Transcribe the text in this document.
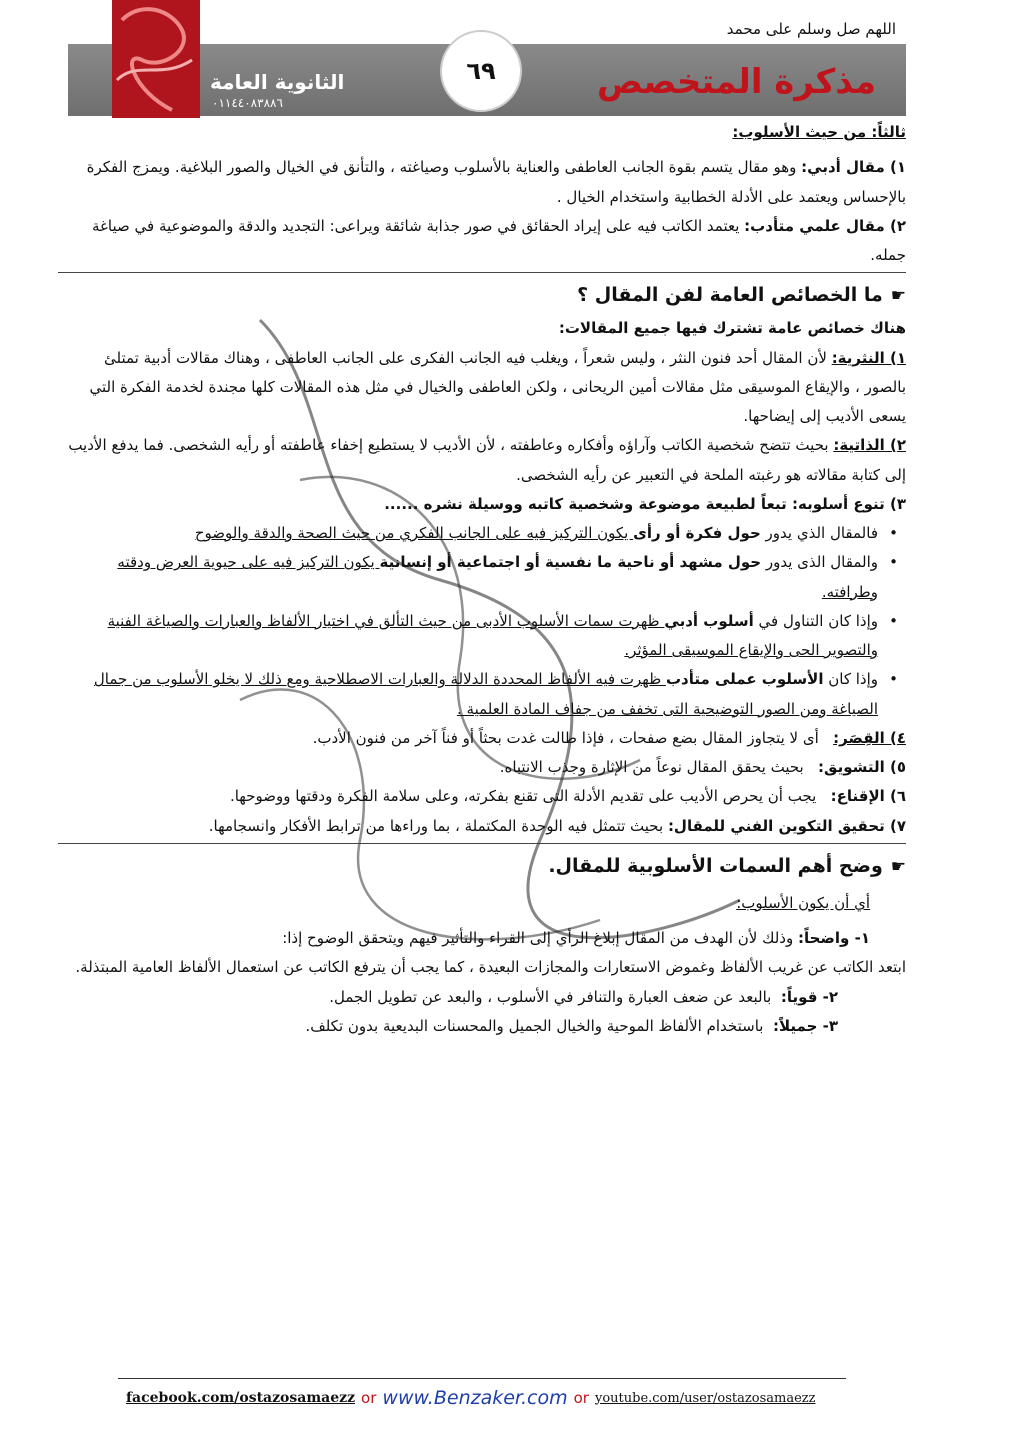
اللهم صل وسلم على محمد
مذكرة المتخصص
الثانوية العامة
٠١١٤٤٠٨٣٨٨٦
٦٩

ثالثاً: من حيث الأسلوب:

١) مقال أدبي: وهو مقال يتسم بقوة الجانب العاطفى والعناية بالأسلوب وصياغته ، والتأنق في الخيال والصور البلاغية. ويمزج الفكرة بالإحساس ويعتمد على الأدلة الخطابية واستخدام الخيال .

٢) مقال علمي متأدب: يعتمد الكاتب فيه على إيراد الحقائق في صور جذابة شائقة ويراعى: التجديد والدقة والموضوعية في صياغة جمله.

☛ما الخصائص العامة لفن المقال ؟

هناك خصائص عامة تشترك فيها جميع المقالات:

١) النثرية: لأن المقال أحد فنون النثر ، وليس شعراً ، ويغلب فيه الجانب الفكرى على الجانب العاطفى ، وهناك مقالات أدبية تمتلئ بالصور ، والإيقاع الموسيقى مثل مقالات أمين الريحانى ، ولكن العاطفى والخيال في مثل هذه المقالات كلها مجندة لخدمة الفكرة التي يسعى الأديب إلى إيضاحها.

٢) الذاتية: بحيث تتضح شخصية الكاتب وآراؤه وأفكاره وعاطفته ، لأن الأديب لا يستطيع إخفاء عاطفته أو رأيه الشخصى. فما يدفع الأديب إلى كتابة مقالاته هو رغبته الملحة في التعبير عن رأيه الشخصى.

٣) تنوع أسلوبه: تبعاً لطبيعة موضوعة وشخصية كاتبه ووسيلة نشره ......

• فالمقال الذي يدور حول فكرة أو رأى يكون التركيز فيه على الجانب الفكري من حيث الصحة والدقة والوضوح
• والمقال الذى يدور حول مشهد أو ناحية ما نفسية أو اجتماعية أو إنسانية يكون التركيز فيه على حيوية العرض ودقته وطرافته.
• وإذا كان التناول في أسلوب أدبي ظهرت سمات الأسلوب الأدبى من حيث التألق في اختيار الألفاظ والعبارات والصياغة الفنية والتصوير الحى والإيقاع الموسيقى المؤثر.
• وإذا كان الأسلوب عملى متأدب ظهرت فيه الألفاظ المحددة الدلالة والعبارات الاصطلاحية ومع ذلك لا يخلو الأسلوب من جمال الصياغة ومن الصور التوضيحية التى تخفف من جفاف المادة العلمية .

٤) القِصَر:   أى لا يتجاوز المقال بضع صفحات ، فإذا طالت غدت بحثاً أو فناً آخر من فنون الأدب.

٥) التشويق:   بحيث يحقق المقال نوعاً من الإثارة وجذب الانتباه.

٦) الإقناع:   يجب أن يحرص الأديب على تقديم الأدلة التى تقنع بفكرته، وعلى سلامة الفكرة ودقتها ووضوحها.

٧) تحقيق التكوين الفني للمقال: بحيث تتمثل فيه الوحدة المكتملة ، بما وراءها من ترابط الأفكار وانسجامها.

☛وضح أهم السمات الأسلوبية للمقال.

أي أن يكون الأسلوب:

١- واضحاً: وذلك لأن الهدف من المقال إبلاغ الرأي إلى القراء والتأثير فيهم ويتحقق الوضوح إذا:

ابتعد الكاتب عن غريب الألفاظ وغموض الاستعارات والمجازات البعيدة ، كما يجب أن يترفع الكاتب عن استعمال الألفاظ العامية المبتذلة.

٢- قوياً:  بالبعد عن ضعف العبارة والتنافر في الأسلوب ، والبعد عن تطويل الجمل.

٣- جميلاً:  باستخدام الألفاظ الموحية والخيال الجميل والمحسنات البديعية بدون تكلف.

facebook.com/ostazosamaezz or www.Benzaker.com or youtube.com/user/ostazosamaezz
